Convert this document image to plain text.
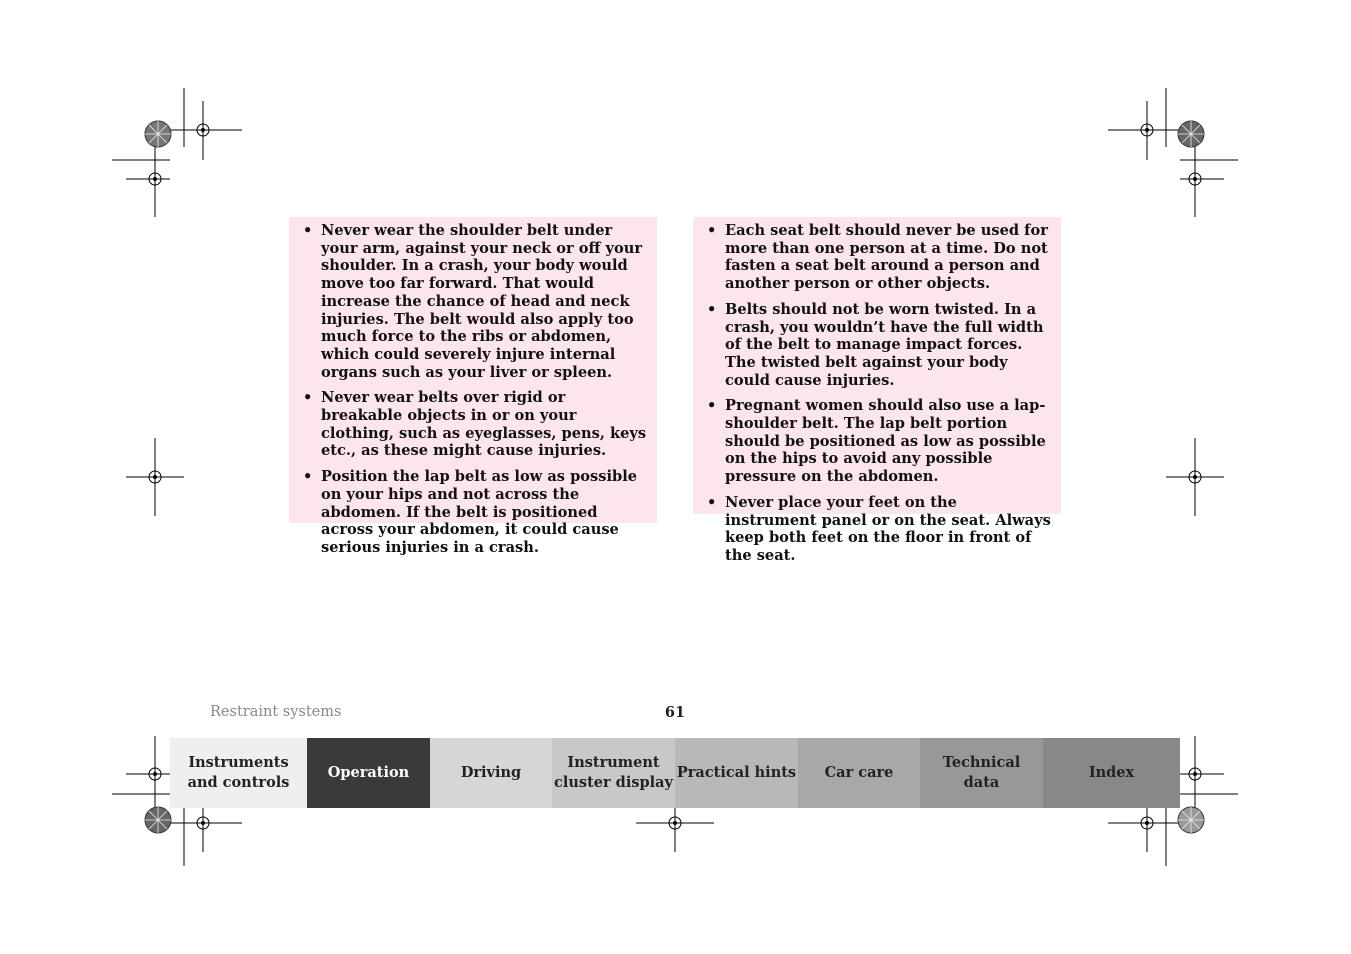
• Never wear the shoulder belt under your arm, against your neck or off your shoulder. In a crash, your body would move too far forward. That would increase the chance of head and neck injuries. The belt would also apply too much force to the ribs or abdomen, which could severely injure internal organs such as your liver or spleen.
• Never wear belts over rigid or breakable objects in or on your clothing, such as eyeglasses, pens, keys etc., as these might cause injuries.
• Position the lap belt as low as possible on your hips and not across the abdomen. If the belt is positioned across your abdomen, it could cause serious injuries in a crash.
• Each seat belt should never be used for more than one person at a time. Do not fasten a seat belt around a person and another person or other objects.
• Belts should not be worn twisted. In a crash, you wouldn’t have the full width of the belt to manage impact forces. The twisted belt against your body could cause injuries.
• Pregnant women should also use a lap-shoulder belt. The lap belt portion should be positioned as low as possible on the hips to avoid any possible pressure on the abdomen.
• Never place your feet on the instrument panel or on the seat. Always keep both feet on the floor in front of the seat.
Restraint systems	61
Instruments
and controls
Operation	Driving
Instrument
cluster display
Practical hints Car care
Technical
data
Index
